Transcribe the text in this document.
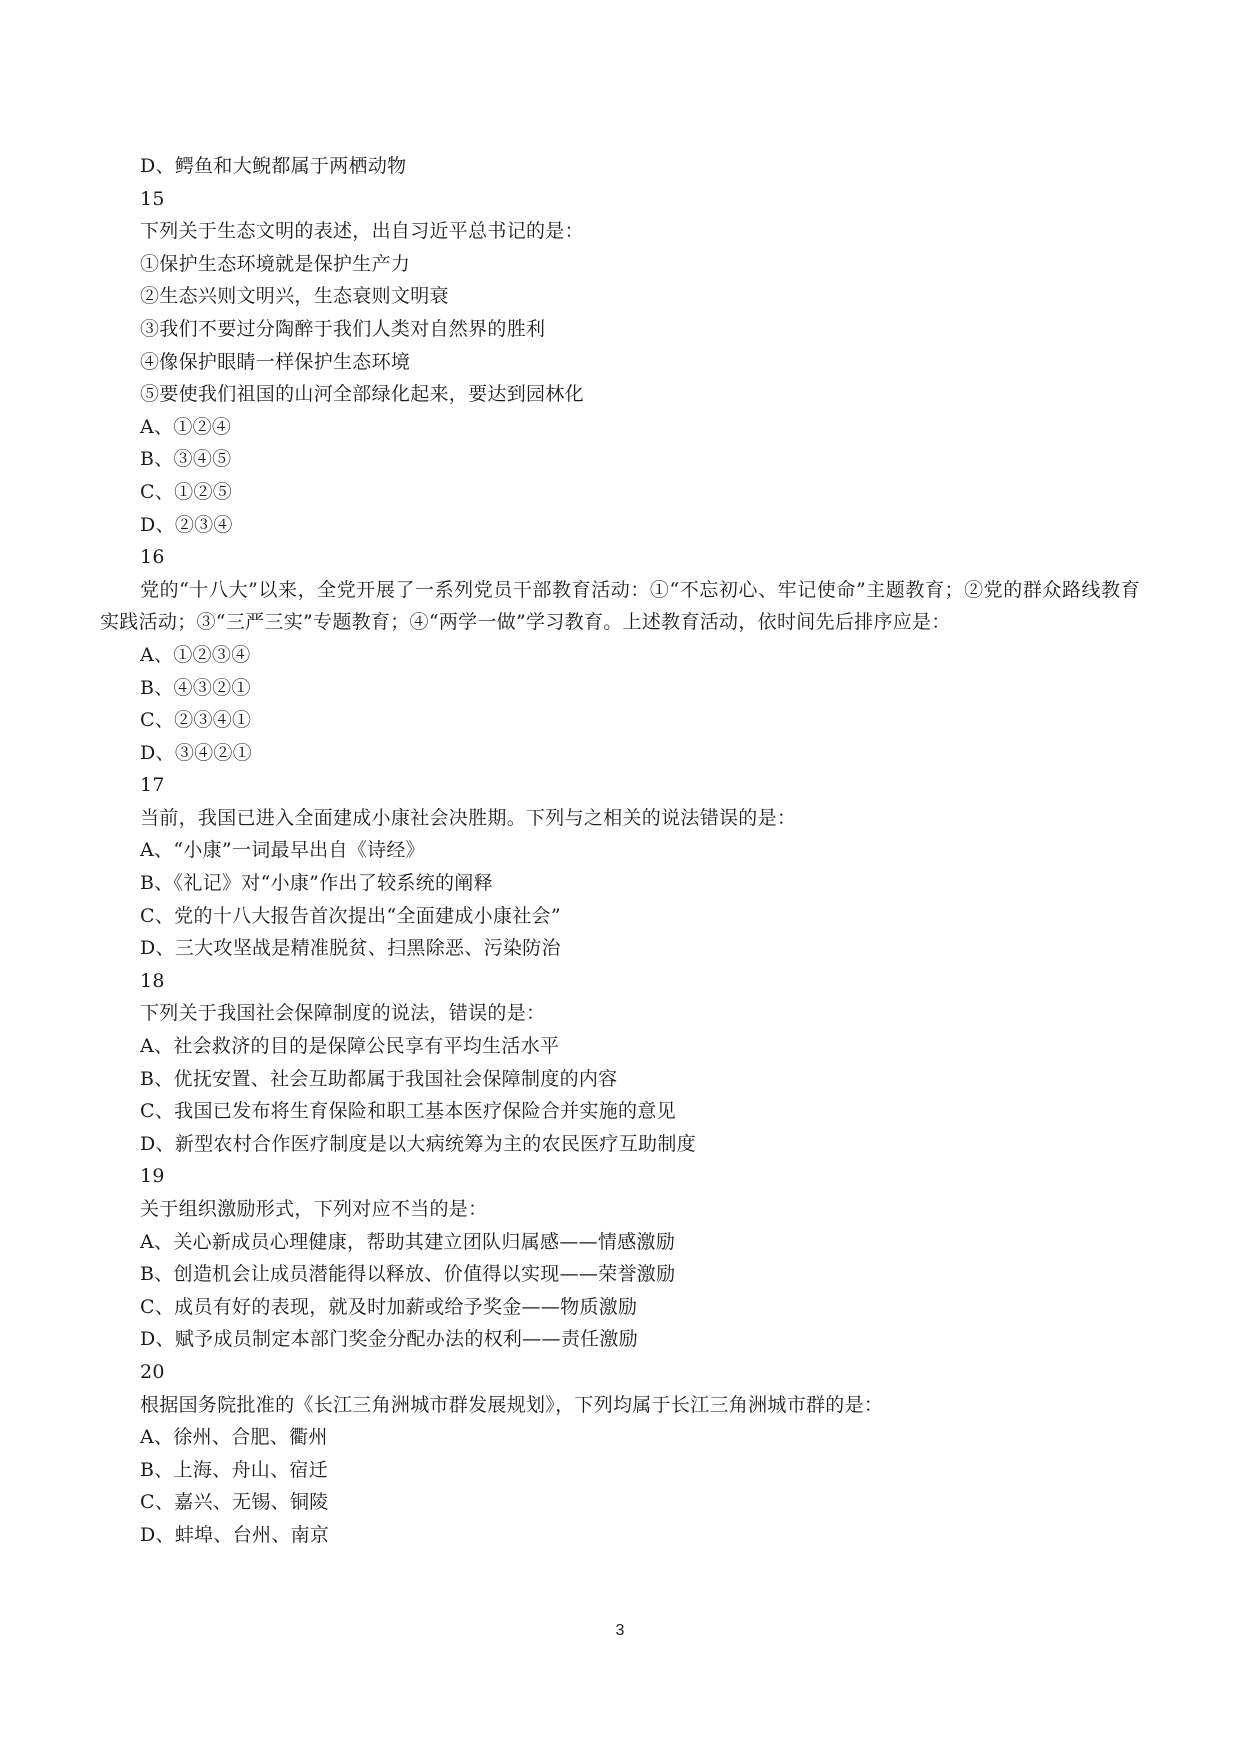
D、鳄鱼和大鲵都属于两栖动物
15
下列关于生态文明的表述，出自习近平总书记的是：
①保护生态环境就是保护生产力
②生态兴则文明兴，生态衰则文明衰
③我们不要过分陶醉于我们人类对自然界的胜利
④像保护眼睛一样保护生态环境
⑤要使我们祖国的山河全部绿化起来，要达到园林化
A、①②④
B、③④⑤
C、①②⑤
D、②③④
16
党的“十八大”以来，全党开展了一系列党员干部教育活动：①“不忘初心、牢记使命”主题教育；②党的群众路线教育实践活动；③“三严三实”专题教育；④“两学一做”学习教育。上述教育活动，依时间先后排序应是：
A、①②③④
B、④③②①
C、②③④①
D、③④②①
17
当前，我国已进入全面建成小康社会决胜期。下列与之相关的说法错误的是：
A、“小康”一词最早出自《诗经》
B、《礼记》对“小康”作出了较系统的阐释
C、党的十八大报告首次提出“全面建成小康社会”
D、三大攻坚战是精准脱贫、扫黑除恶、污染防治
18
下列关于我国社会保障制度的说法，错误的是：
A、社会救济的目的是保障公民享有平均生活水平
B、优抚安置、社会互助都属于我国社会保障制度的内容
C、我国已发布将生育保险和职工基本医疗保险合并实施的意见
D、新型农村合作医疗制度是以大病统筹为主的农民医疗互助制度
19
关于组织激励形式，下列对应不当的是：
A、关心新成员心理健康，帮助其建立团队归属感——情感激励
B、创造机会让成员潜能得以释放、价值得以实现——荣誉激励
C、成员有好的表现，就及时加薪或给予奖金——物质激励
D、赋予成员制定本部门奖金分配办法的权利——责任激励
20
根据国务院批准的《长江三角洲城市群发展规划》，下列均属于长江三角洲城市群的是：
A、徐州、合肥、衢州
B、上海、舟山、宿迁
C、嘉兴、无锡、铜陵
D、蚌埠、台州、南京
3
